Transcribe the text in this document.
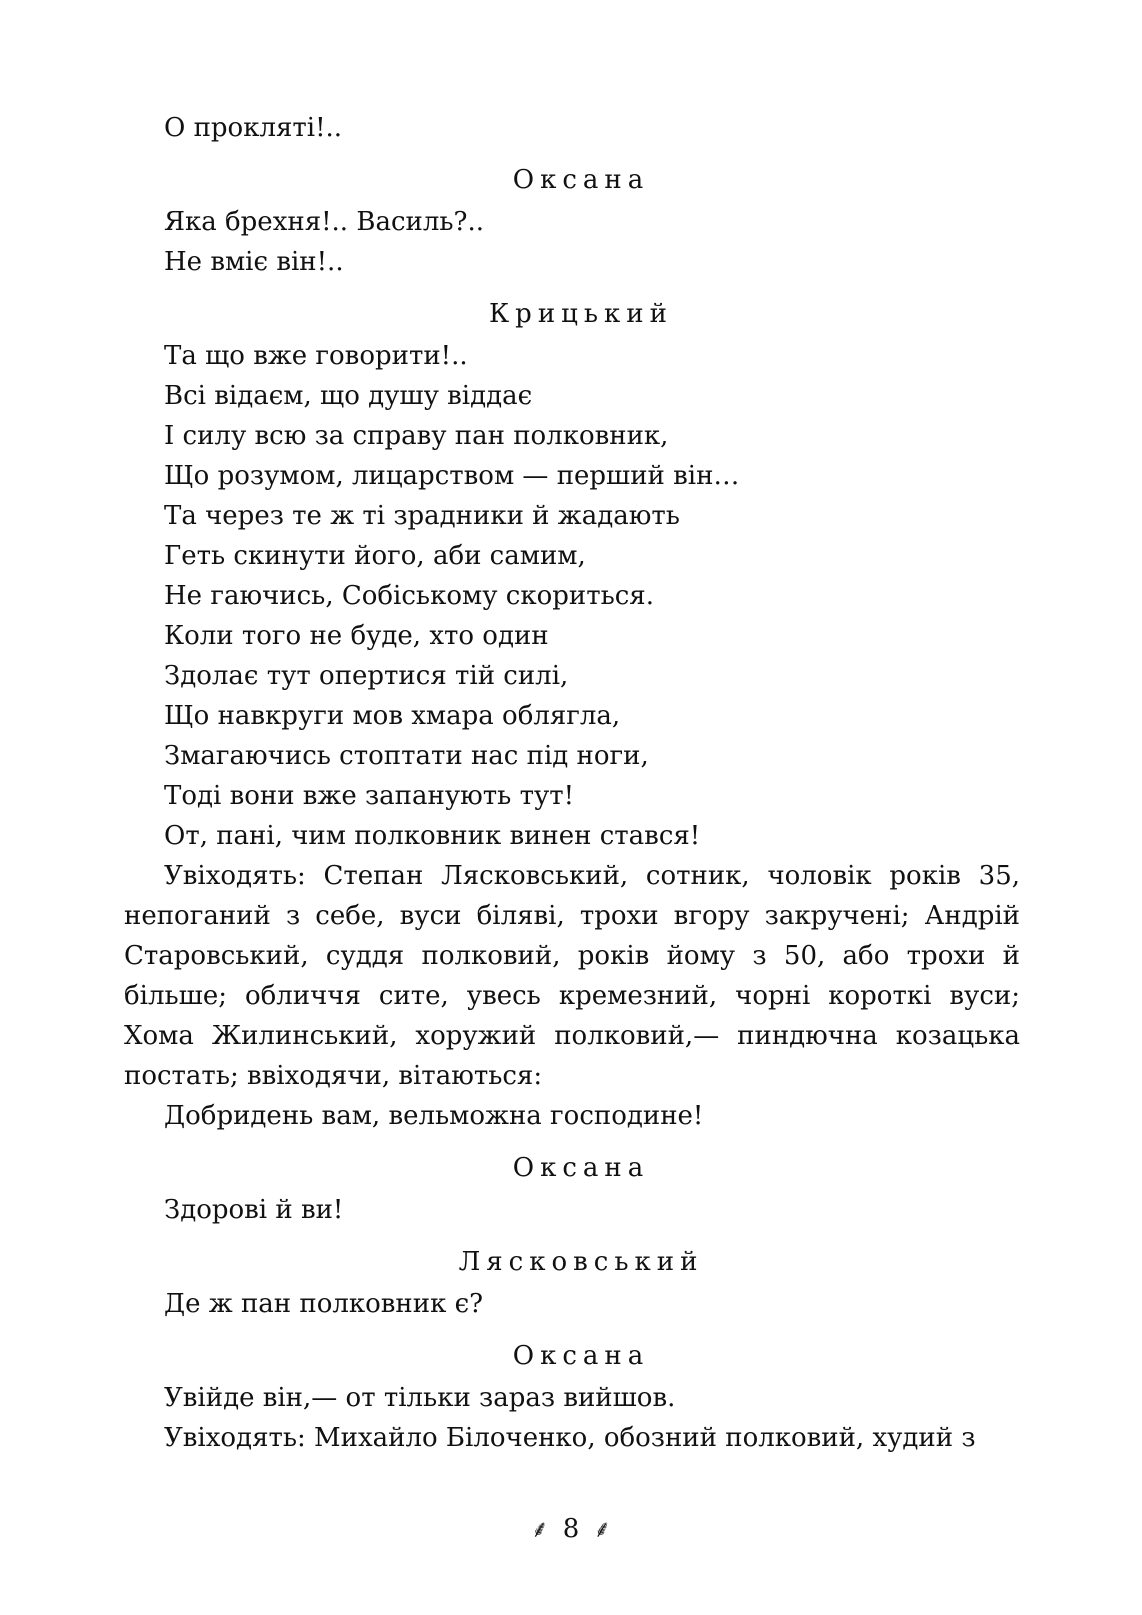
О прокляті!..
Оксана
Яка брехня!.. Василь?..
Не вміє він!..
Крицький
Та що вже говорити!..
Всі відаєм, що душу віддає
І силу всю за справу пан полковник,
Що розумом, лицарством — перший він…
Та через те ж ті зрадники й жадають
Геть скинути його, аби самим,
Не гаючись, Собіському скориться.
Коли того не буде, хто один
Здолає тут опертися тій силі,
Що навкруги мов хмара облягла,
Змагаючись стоптати нас під ноги,
Тоді вони вже запанують тут!
От, пані, чим полковник винен стався!
Увіходять: Степан Лясковський, сотник, чоловік років 35, непоганий з себе, вуси біляві, трохи вгору закручені; Андрій Старовський, суддя полковий, років йому з 50, або трохи й більше; обличчя сите, увесь кремезний, чорні короткі вуси; Хома Жилинський, хоружий полковий,— пиндючна козацька постать; ввіходячи, вітаються:
Добридень вам, вельможна господине!
Оксана
Здорові й ви!
Лясковський
Де ж пан полковник є?
Оксана
Увійде він,— от тільки зараз вийшов.
Увіходять: Михайло Білоченко, обозний полковий, худий з
⸙ 8 ⸙
